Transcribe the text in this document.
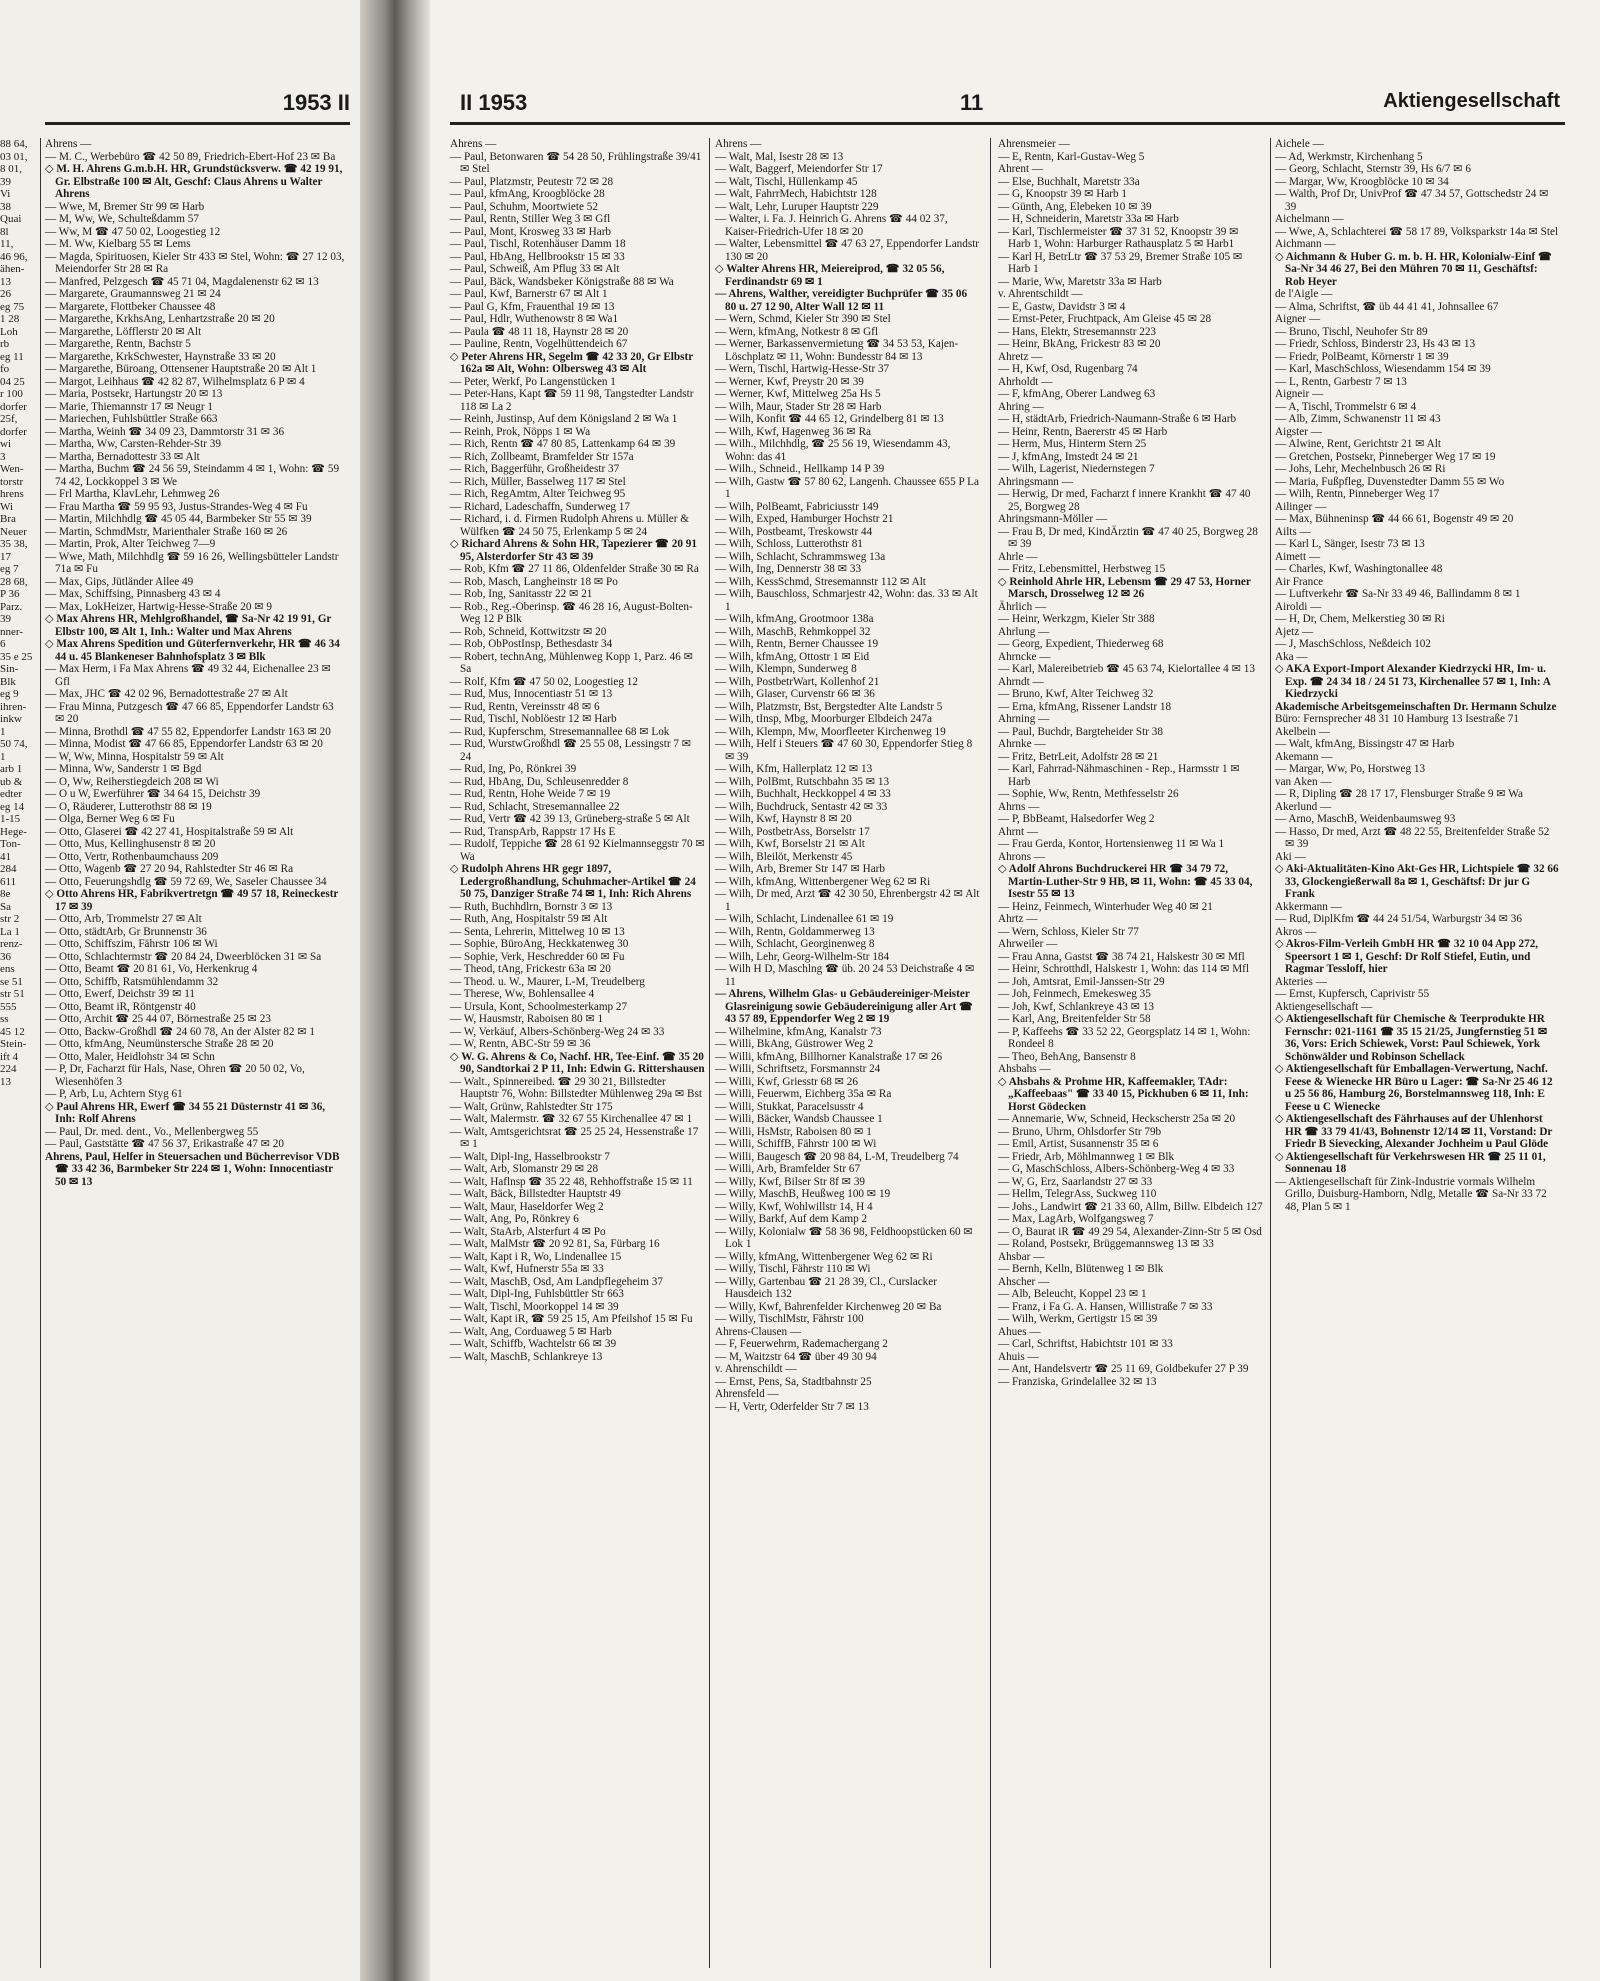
1953 II

88 64,

03 01,

8 01,

39

Vi

38

Quai

8l

11,

46 96,

ähen-

13

26

eg 75

1 28

Loh

rb

eg 11

fo

04 25

r 100

dorfer

25f,

dorfer

wi

3

Wen-

torstr

hrens

Wi

Bra

Neuer

35 38,

17

eg 7

28 68,

P 36

Parz.

39

nner-

6

35 e 25

Sin-

Blk

eg 9

ihren-

inkw

1

50 74,

1

arb 1

ub &

edter

eg 14

1-15

Hege-

Ton-

41

284

611

8e

Sa

str 2

La 1

renz-

36

ens

se 51

str 51

555

ss

45 12

Stein-

ift 4

224

13

Ahrens —

— M. C., Werbebüro ☎ 42 50 89, Friedrich-Ebert-Hof 23 ✉ Ba

◇ M. H. Ahrens G.m.b.H. HR, Grundstücksverw. ☎ 42 19 91, Gr. Elbstraße 100 ✉ Alt, Geschf: Claus Ahrens u Walter Ahrens

— Wwe, M, Bremer Str 99 ✉ Harb

— M, Ww, We, Schulteßdamm 57

— Ww, M ☎ 47 50 02, Loogestieg 12

— M. Ww, Kielbarg 55 ✉ Lems

— Magda, Spirituosen, Kieler Str 433 ✉ Stel, Wohn: ☎ 27 12 03, Meiendorfer Str 28 ✉ Ra

— Manfred, Pelzgesch ☎ 45 71 04, Magdalenenstr 62 ✉ 13

— Margarete, Graumannsweg 21 ✉ 24

— Margarete, Flottbeker Chaussee 48

— Margarethe, KrkhsAng, Lenhartzstraße 20 ✉ 20

— Margarethe, Löfflerstr 20 ✉ Alt

— Margarethe, Rentn, Bachstr 5

— Margarethe, KrkSchwester, Haynstraße 33 ✉ 20

— Margarethe, Büroang, Ottensener Hauptstraße 20 ✉ Alt 1

— Margot, Leihhaus ☎ 42 82 87, Wilhelmsplatz 6 P ✉ 4

— Maria, Postsekr, Hartungstr 20 ✉ 13

— Marie, Thiemannstr 17 ✉ Neugr 1

— Mariechen, Fuhlsbüttler Straße 663

— Martha, Weinh ☎ 34 09 23, Dammtorstr 31 ✉ 36

— Martha, Ww, Carsten-Rehder-Str 39

— Martha, Bernadottestr 33 ✉ Alt

— Martha, Buchm ☎ 24 56 59, Steindamm 4 ✉ 1, Wohn: ☎ 59 74 42, Lockkoppel 3 ✉ We

— Frl Martha, KlavLehr, Lehmweg 26

— Frau Martha ☎ 59 95 93, Justus-Strandes-Weg 4 ✉ Fu

— Martin, Milchhdlg ☎ 45 05 44, Barmbeker Str 55 ✉ 39

— Martin, SchmdMstr, Marienthaler Straße 160 ✉ 26

— Martin, Prok, Alter Teichweg 7—9

— Wwe, Math, Milchhdlg ☎ 59 16 26, Wellingsbütteler Landstr 71a ✉ Fu

— Max, Gips, Jütländer Allee 49

— Max, Schiffsing, Pinnasberg 43 ✉ 4

— Max, LokHeizer, Hartwig-Hesse-Straße 20 ✉ 9

◇ Max Ahrens HR, Mehlgroßhandel, ☎ Sa-Nr 42 19 91, Gr Elbstr 100, ✉ Alt 1, Inh.: Walter und Max Ahrens

◇ Max Ahrens Spedition und Güterfernverkehr, HR ☎ 46 34 44 u. 45 Blankeneser Bahnhofsplatz 3 ✉ Blk

— Max Herm, i Fa Max Ahrens ☎ 49 32 44, Eichenallee 23 ✉ Gfl

— Max, JHC ☎ 42 02 96, Bernadottestraße 27 ✉ Alt

— Frau Minna, Putzgesch ☎ 47 66 85, Eppendorfer Landstr 63 ✉ 20

— Minna, Brothdl ☎ 47 55 82, Eppendorfer Landstr 163 ✉ 20

— Minna, Modist ☎ 47 66 85, Eppendorfer Landstr 63 ✉ 20

— W, Ww, Minna, Hospitalstr 59 ✉ Alt

— Minna, Ww, Sanderstr 1 ✉ Bgd

— O, Ww, Reiherstiegdeich 208 ✉ Wi

— O u W, Ewerführer ☎ 34 64 15, Deichstr 39

— O, Räuderer, Lutterothstr 88 ✉ 19

— Olga, Berner Weg 6 ✉ Fu

— Otto, Glaserei ☎ 42 27 41, Hospitalstraße 59 ✉ Alt

— Otto, Mus, Kellinghusenstr 8 ✉ 20

— Otto, Vertr, Rothenbaumchauss 209

— Otto, Wagenb ☎ 27 20 94, Rahlstedter Str 46 ✉ Ra

— Otto, Feuerungshdlg ☎ 59 72 69, We, Saseler Chaussee 34

◇ Otto Ahrens HR, Fabrikvertretgn ☎ 49 57 18, Reineckestr 17 ✉ 39

— Otto, Arb, Trommelstr 27 ✉ Alt

— Otto, städtArb, Gr Brunnenstr 36

— Otto, Schiffszim, Fährstr 106 ✉ Wi

— Otto, Schlachtermstr ☎ 20 84 24, Dweerblöcken 31 ✉ Sa

— Otto, Beamt ☎ 20 81 61, Vo, Herkenkrug 4

— Otto, Schiffb, Ratsmühlendamm 32

— Otto, Ewerf, Deichstr 39 ✉ 11

— Otto, Beamt iR, Röntgenstr 40

— Otto, Archit ☎ 25 44 07, Börnestraße 25 ✉ 23

— Otto, Backw-Großhdl ☎ 24 60 78, An der Alster 82 ✉ 1

— Otto, kfmAng, Neumünstersche Straße 28 ✉ 20

— Otto, Maler, Heidlohstr 34 ✉ Schn

— P, Dr, Facharzt für Hals, Nase, Ohren ☎ 20 50 02, Vo, Wiesenhöfen 3

— P, Arb, Lu, Achtern Styg 61

◇ Paul Ahrens HR, Ewerf ☎ 34 55 21 Düsternstr 41 ✉ 36, Inh: Rolf Ahrens

— Paul, Dr. med. dent., Vo., Mellenbergweg 55

— Paul, Gaststätte ☎ 47 56 37, Erikastraße 47 ✉ 20

Ahrens, Paul, Helfer in Steuersachen und Bücherrevisor VDB ☎ 33 42 36, Barmbeker Str 224 ✉ 1, Wohn: Innocentiastr 50 ✉ 13

II 1953	11	Aktiengesellschaft

Ahrens —

— Paul, Betonwaren ☎ 54 28 50, Frühlingstraße 39/41 ✉ Stel

— Paul, Platzmstr, Peutestr 72 ✉ 28

— Paul, kfmAng, Kroogblöcke 28

— Paul, Schuhm, Moortwiete 52

— Paul, Rentn, Stiller Weg 3 ✉ Gfl

— Paul, Mont, Krosweg 33 ✉ Harb

— Paul, Tischl, Rotenhäuser Damm 18

— Paul, HbAng, Hellbrookstr 15 ✉ 33

— Paul, Schweiß, Am Pflug 33 ✉ Alt

— Paul, Bäck, Wandsbeker Königstraße 88 ✉ Wa

— Paul, Kwf, Barnerstr 67 ✉ Alt 1

— Paul G, Kfm, Frauenthal 19 ✉ 13

— Paul, Hdlr, Wuthenowstr 8 ✉ Wa1

— Paula ☎ 48 11 18, Haynstr 28 ✉ 20

— Pauline, Rentn, Vogelhüttendeich 67

◇ Peter Ahrens HR, Segelm ☎ 42 33 20, Gr Elbstr 162a ✉ Alt, Wohn: Olbersweg 43 ✉ Alt

— Peter, Werkf, Po Langenstücken 1

— Peter-Hans, Kapt ☎ 59 11 98, Tangstedter Landstr 118 ✉ La 2

— Reinh, Justinsp, Auf dem Königsland 2 ✉ Wa 1

— Reinh, Prok, Nöpps 1 ✉ Wa

— Rich, Rentn ☎ 47 80 85, Lattenkamp 64 ✉ 39

— Rich, Zollbeamt, Bramfelder Str 157a

— Rich, Baggerführ, Großheidestr 37

— Rich, Müller, Basselweg 117 ✉ Stel

— Rich, RegAmtm, Alter Teichweg 95

— Richard, Ladeschaffn, Sunderweg 17

— Richard, i. d. Firmen Rudolph Ahrens u. Müller & Wülfken ☎ 24 50 75, Erlenkamp 5 ✉ 24

◇ Richard Ahrens & Sohn HR, Tapezierer ☎ 20 91 95, Alsterdorfer Str 43 ✉ 39

— Rob, Kfm ☎ 27 11 86, Oldenfelder Straße 30 ✉ Ra

— Rob, Masch, Langheinstr 18 ✉ Po

— Rob, Ing, Sanitasstr 22 ✉ 21

— Rob., Reg.-Oberinsp. ☎ 46 28 16, August-Bolten-Weg 12 P Blk

— Rob, Schneid, Kottwitzstr ✉ 20

— Rob, ObPostInsp, Bethesdastr 34

— Robert, technAng, Mühlenweg Kopp 1, Parz. 46 ✉ Sa

— Rolf, Kfm ☎ 47 50 02, Loogestieg 12

— Rud, Mus, Innocentiastr 51 ✉ 13

— Rud, Rentn, Vereinsstr 48 ✉ 6

— Rud, Tischl, Noblöestr 12 ✉ Harb

— Rud, Kupferschm, Stresemannallee 68 ✉ Lok

— Rud, WurstwGroßhdl ☎ 25 55 08, Lessingstr 7 ✉ 24

— Rud, Ing, Po, Rönkrei 39

— Rud, HbAng, Du, Schleusenredder 8

— Rud, Rentn, Hohe Weide 7 ✉ 19

— Rud, Schlacht, Stresemannallee 22

— Rud, Vertr ☎ 42 39 13, Grüneberg-straße 5 ✉ Alt

— Rud, TranspArb, Rappstr 17 Hs E

— Rudolf, Teppiche ☎ 28 61 92 Kielmannseggstr 70 ✉ Wa

◇ Rudolph Ahrens HR gegr 1897, Ledergroßhandlung, Schuhmacher-Artikel ☎ 24 50 75, Danziger Straße 74 ✉ 1, Inh: Rich Ahrens

— Ruth, Buchhdlrn, Bornstr 3 ✉ 13

— Ruth, Ang, Hospitalstr 59 ✉ Alt

— Senta, Lehrerin, Mittelweg 10 ✉ 13

— Sophie, BüroAng, Heckkatenweg 30

— Sophie, Verk, Heschredder 60 ✉ Fu

— Theod, tAng, Frickestr 63a ✉ 20

— Theod. u. W., Maurer, L-M, Treudelberg

— Therese, Ww, Bohlensallee 4

— Ursula, Kont, Schoolmesterkamp 27

— W, Hausmstr, Raboisen 80 ✉ 1

— W, Verkäuf, Albers-Schönberg-Weg 24 ✉ 33

— W, Rentn, ABC-Str 59 ✉ 36

◇ W. G. Ahrens & Co, Nachf. HR, Tee-Einf. ☎ 35 20 90, Sandtorkai 2 P 11, Inh: Edwin G. Rittershausen

— Walt., Spinnereibed. ☎ 29 30 21, Billstedter Hauptstr 76, Wohn: Billstedter Mühlenweg 29a ✉ Bst

— Walt, Grünw, Rahlstedter Str 175

— Walt, Malermstr. ☎ 32 67 55 Kirchenallee 47 ✉ 1

— Walt, Amtsgerichtsrat ☎ 25 25 24, Hessenstraße 17 ✉ 1

— Walt, Dipl-Ing, Hasselbrookstr 7

— Walt, Arb, Slomanstr 29 ✉ 28

— Walt, Haflnsp ☎ 35 22 48, Rehhoffstraße 15 ✉ 11

— Walt, Bäck, Billstedter Hauptstr 49

— Walt, Maur, Haseldorfer Weg 2

— Walt, Ang, Po, Rönkrey 6

— Walt, StaArb, Alsterfurt 4 ✉ Po

— Walt, MalMstr ☎ 20 92 81, Sa, Fürbarg 16

— Walt, Kapt i R, Wo, Lindenallee 15

— Walt, Kwf, Hufnerstr 55a ✉ 33

— Walt, MaschB, Osd, Am Landpflegeheim 37

— Walt, Dipl-Ing, Fuhlsbüttler Str 663

— Walt, Tischl, Moorkoppel 14 ✉ 39

— Walt, Kapt iR, ☎ 59 25 15, Am Pfeilshof 15 ✉ Fu

— Walt, Ang, Corduaweg 5 ✉ Harb

— Walt, Schiffb, Wachtelstr 66 ✉ 39

— Walt, MaschB, Schlankreye 13

Ahrens —

— Walt, Mal, Isestr 28 ✉ 13

— Walt, Baggerf, Meiendorfer Str 17

— Walt, Tischl, Hüllenkamp 45

— Walt, FahrrMech, Habichtstr 128

— Walt, Lehr, Luruper Hauptstr 229

— Walter, i. Fa. J. Heinrich G. Ahrens ☎ 44 02 37, Kaiser-Friedrich-Ufer 18 ✉ 20

— Walter, Lebensmittel ☎ 47 63 27, Eppendorfer Landstr 130 ✉ 20

◇ Walter Ahrens HR, Meiereiprod, ☎ 32 05 56, Ferdinandstr 69 ✉ 1

— Ahrens, Walther, vereidigter Buchprüfer ☎ 35 06 80 u. 27 12 90, Alter Wall 12 ✉ 11

— Wern, Schmd, Kieler Str 390 ✉ Stel

— Wern, kfmAng, Notkestr 8 ✉ Gfl

— Werner, Barkassenvermietung ☎ 34 53 53, Kajen-Löschplatz ✉ 11, Wohn: Bundesstr 84 ✉ 13

— Wern, Tischl, Hartwig-Hesse-Str 37

— Werner, Kwf, Preystr 20 ✉ 39

— Werner, Kwf, Mittelweg 25a Hs 5

— Wilh, Maur, Stader Str 28 ✉ Harb

— Wilh, Konfit ☎ 44 65 12, Grindelberg 81 ✉ 13

— Wilh, Kwf, Hagenweg 36 ✉ Ra

— Wilh., Milchhdlg, ☎ 25 56 19, Wiesendamm 43, Wohn: das 41

— Wilh., Schneid., Hellkamp 14 P 39

— Wilh, Gastw ☎ 57 80 62, Langenh. Chaussee 655 P La 1

— Wilh, PolBeamt, Fabriciusstr 149

— Wilh, Exped, Hamburger Hochstr 21

— Wilh, Postbeamt, Treskowstr 44

— Wilh, Schloss, Lutterothstr 81

— Wilh, Schlacht, Schrammsweg 13a

— Wilh, Ing, Dennerstr 38 ✉ 33

— Wilh, KessSchmd, Stresemannstr 112 ✉ Alt

— Wilh, Bauschloss, Schmarjestr 42, Wohn: das. 33 ✉ Alt 1

— Wilh, kfmAng, Grootmoor 138a

— Wilh, MaschB, Rehmkoppel 32

— Wilh, Rentn, Berner Chaussee 19

— Wilh, kfmAng, Ottostr 1 ✉ Eid

— Wilh, Klempn, Sunderweg 8

— Wilh, PostbetrWart, Kollenhof 21

— Wilh, Glaser, Curvenstr 66 ✉ 36

— Wilh, Platzmstr, Bst, Bergstedter Alte Landstr 5

— Wilh, tInsp, Mbg, Moorburger Elbdeich 247a

— Wilh, Klempn, Mw, Moorfleeter Kirchenweg 19

— Wilh, Helf i Steuers ☎ 47 60 30, Eppendorfer Stieg 8 ✉ 39

— Wilh, Kfm, Hallerplatz 12 ✉ 13

— Wilh, PolBmt, Rutschbahn 35 ✉ 13

— Wilh, Buchhalt, Heckkoppel 4 ✉ 33

— Wilh, Buchdruck, Sentastr 42 ✉ 33

— Wilh, Kwf, Haynstr 8 ✉ 20

— Wilh, PostbetrAss, Borselstr 17

— Wilh, Kwf, Borselstr 21 ✉ Alt

— Wilh, Bleilöt, Merkenstr 45

— Wilh, Arb, Bremer Str 147 ✉ Harb

— Wilh, kfmAng, Wittenbergener Weg 62 ✉ Ri

— Wilh, Dr med, Arzt ☎ 42 30 50, Ehrenbergstr 42 ✉ Alt 1

— Wilh, Schlacht, Lindenallee 61 ✉ 19

— Wilh, Rentn, Goldammerweg 13

— Wilh, Schlacht, Georginenweg 8

— Wilh, Lehr, Georg-Wilhelm-Str 184

— Wilh H D, Maschlng ☎ üb. 20 24 53 Deichstraße 4 ✉ 11

— Ahrens, Wilhelm Glas- u Gebäudereiniger-Meister Glasreinigung sowie Gebäudereinigung aller Art ☎ 43 57 89, Eppendorfer Weg 2 ✉ 19

— Wilhelmine, kfmAng, Kanalstr 73

— Willi, BkAng, Güstrower Weg 2

— Willi, kfmAng, Billhorner Kanalstraße 17 ✉ 26

— Willi, Schriftsetz, Forsmannstr 24

— Willi, Kwf, Griesstr 68 ✉ 26

— Willi, Feuerwm, Eichberg 35a ✉ Ra

— Willi, Stukkat, Paracelsusstr 4

— Willi, Bäcker, Wandsb Chaussee 1

— Willi, HsMstr, Raboisen 80 ✉ 1

— Willi, SchiffB, Fährstr 100 ✉ Wi

— Willi, Baugesch ☎ 20 98 84, L-M, Treudelberg 74

— Willi, Arb, Bramfelder Str 67

— Willy, Kwf, Bilser Str 8f ✉ 39

— Willy, MaschB, Heußweg 100 ✉ 19

— Willy, Kwf, Wohlwillstr 14, H 4

— Willy, Barkf, Auf dem Kamp 2

— Willy, Kolonialw ☎ 58 36 98, Feldhoopstücken 60 ✉ Lok 1

— Willy, kfmAng, Wittenbergener Weg 62 ✉ Ri

— Willy, Tischl, Fährstr 110 ✉ Wi

— Willy, Gartenbau ☎ 21 28 39, Cl., Curslacker Hausdeich 132

— Willy, Kwf, Bahrenfelder Kirchenweg 20 ✉ Ba

— Willy, TischlMstr, Fährstr 100

Ahrens-Clausen —

— F, Feuerwehrm, Rademachergang 2

— M, Waitzstr 64 ☎ über 49 30 94

v. Ahrenschildt —

— Ernst, Pens, Sa, Stadtbahnstr 25

Ahrensfeld —

— H, Vertr, Oderfelder Str 7 ✉ 13

Ahrensmeier —

— E, Rentn, Karl-Gustav-Weg 5

Ahrent —

— Else, Buchhalt, Maretstr 33a

— G, Knoopstr 39 ✉ Harb 1

— Günth, Ang, Elebeken 10 ✉ 39

— H, Schneiderin, Maretstr 33a ✉ Harb

— Karl, Tischlermeister ☎ 37 31 52, Knoopstr 39 ✉ Harb 1, Wohn: Harburger Rathausplatz 5 ✉ Harb1

— Karl H, BetrLtr ☎ 37 53 29, Bremer Straße 105 ✉ Harb 1

— Marie, Ww, Maretstr 33a ✉ Harb

v. Ahrentschildt —

— E, Gastw, Davidstr 3 ✉ 4

— Ernst-Peter, Fruchtpack, Am Gleise 45 ✉ 28

— Hans, Elektr, Stresemannstr 223

— Heinr, BkAng, Frickestr 83 ✉ 20

Ahretz —

— H, Kwf, Osd, Rugenbarg 74

Ahrholdt —

— F, kfmAng, Oberer Landweg 63

Ahring —

— H, städtArb, Friedrich-Naumann-Straße 6 ✉ Harb

— Heinr, Rentn, Baererstr 45 ✉ Harb

— Herm, Mus, Hinterm Stern 25

— J, kfmAng, Imstedt 24 ✉ 21

— Wilh, Lagerist, Niedernstegen 7

Ahringsmann —

— Herwig, Dr med, Facharzt f innere Krankht ☎ 47 40 25, Borgweg 28

Ahringsmann-Möller —

— Frau B, Dr med, KindÄrztin ☎ 47 40 25, Borgweg 28 ✉ 39

Ahrle —

— Fritz, Lebensmittel, Herbstweg 15

◇ Reinhold Ahrle HR, Lebensm ☎ 29 47 53, Horner Marsch, Drosselweg 12 ✉ 26

Ährlich —

— Heinr, Werkzgm, Kieler Str 388

Ahrlung —

— Georg, Expedient, Thiederweg 68

Ahrncke —

— Karl, Malereibetrieb ☎ 45 63 74, Kielortallee 4 ✉ 13

Ahrndt —

— Bruno, Kwf, Alter Teichweg 32

— Erna, kfmAng, Rissener Landstr 18

Ahrning —

— Paul, Buchdr, Bargteheider Str 38

Ahrnke —

— Fritz, BetrLeit, Adolfstr 28 ✉ 21

— Karl, Fahrrad-Nähmaschinen - Rep., Harmsstr 1 ✉ Harb

— Sophie, Ww, Rentn, Methfesselstr 26

Ahrns —

— P, BbBeamt, Halsedorfer Weg 2

Ahrnt —

— Frau Gerda, Kontor, Hortensienweg 11 ✉ Wa 1

Ahrons —

◇ Adolf Ahrons Buchdruckerei HR ☎ 34 79 72, Martin-Luther-Str 9 HB, ✉ 11, Wohn: ☎ 45 33 04, Isestr 55 ✉ 13

— Heinz, Feinmech, Winterhuder Weg 40 ✉ 21

Ahrtz —

— Wern, Schloss, Kieler Str 77

Ahrweiler —

— Frau Anna, Gastst ☎ 38 74 21, Halskestr 30 ✉ Mfl

— Heinr, Schrotthdl, Halskestr 1, Wohn: das 114 ✉ Mfl

— Joh, Amtsrat, Emil-Janssen-Str 29

— Joh, Feinmech, Emekesweg 35

— Joh, Kwf, Schlankreye 43 ✉ 13

— Karl, Ang, Breitenfelder Str 58

— P, Kaffeehs ☎ 33 52 22, Georgsplatz 14 ✉ 1, Wohn: Rondeel 8

— Theo, BehAng, Bansenstr 8

Ahsbahs —

◇ Ahsbahs & Prohme HR, Kaffeemakler, TAdr: „Kaffeebaas" ☎ 33 40 15, Pickhuben 6 ✉ 11, Inh: Horst Gödecken

— Annemarie, Ww, Schneid, Heckscherstr 25a ✉ 20

— Bruno, Uhrm, Ohlsdorfer Str 79b

— Emil, Artist, Susannenstr 35 ✉ 6

— Friedr, Arb, Möhlmannweg 1 ✉ Blk

— G, MaschSchloss, Albers-Schönberg-Weg 4 ✉ 33

— W, G, Erz, Saarlandstr 27 ✉ 33

— Hellm, TelegrAss, Suckweg 110

— Johs., Landwirt ☎ 21 33 60, Allm, Billw. Elbdeich 127

— Max, LagArb, Wolfgangsweg 7

— O, Baurat iR ☎ 49 29 54, Alexander-Zinn-Str 5 ✉ Osd

— Roland, Postsekr, Brüggemannsweg 13 ✉ 33

Ahsbar —

— Bernh, Kelln, Blütenweg 1 ✉ Blk

Ahscher —

— Alb, Beleucht, Koppel 23 ✉ 1

— Franz, i Fa G. A. Hansen, Willistraße 7 ✉ 33

— Wilh, Werkm, Gertigstr 15 ✉ 39

Ahues —

— Carl, Schriftst, Habichtstr 101 ✉ 33

Ahuis —

— Ant, Handelsvertr ☎ 25 11 69, Goldbekufer 27 P 39

— Franziska, Grindelallee 32 ✉ 13

Aichele —

— Ad, Werkmstr, Kirchenhang 5

— Georg, Schlacht, Sternstr 39, Hs 6/7 ✉ 6

— Margar, Ww, Kroogblöcke 10 ✉ 34

— Walth, Prof Dr, UnivProf ☎ 47 34 57, Gottschedstr 24 ✉ 39

Aichelmann —

— Wwe, A, Schlachterei ☎ 58 17 89, Volksparkstr 14a ✉ Stel

Aichmann —

◇ Aichmann & Huber G. m. b. H. HR, Kolonialw-Einf ☎ Sa-Nr 34 46 27, Bei den Mühren 70 ✉ 11, Geschäftsf: Rob Heyer

de l'Aigle —

— Alma, Schriftst, ☎ üb 44 41 41, Johnsallee 67

Aigner —

— Bruno, Tischl, Neuhofer Str 89

— Friedr, Schloss, Binderstr 23, Hs 43 ✉ 13

— Friedr, PolBeamt, Körnerstr 1 ✉ 39

— Karl, MaschSchloss, Wiesendamm 154 ✉ 39

— L, Rentn, Garbestr 7 ✉ 13

Aigneir —

— A, Tischl, Trommelstr 6 ✉ 4

— Alb, Zimm, Schwanenstr 11 ✉ 43

Aigster —

— Alwine, Rent, Gerichtstr 21 ✉ Alt

— Gretchen, Postsekr, Pinneberger Weg 17 ✉ 19

— Johs, Lehr, Mechelnbusch 26 ✉ Ri

— Maria, Fußpfleg, Duvenstedter Damm 55 ✉ Wo

— Wilh, Rentn, Pinneberger Weg 17

Ailinger —

— Max, Bühneninsp ☎ 44 66 61, Bogenstr 49 ✉ 20

Ailts —

— Karl L, Sänger, Isestr 73 ✉ 13

Aimett —

— Charles, Kwf, Washingtonallee 48

Air France

— Luftverkehr ☎ Sa-Nr 33 49 46, Ballindamm 8 ✉ 1

Airoldi —

— H, Dr, Chem, Melkerstieg 30 ✉ Ri

Ajetz —

— J, MaschSchloss, Neßdeich 102

Aka —

◇ AKA Export-Import Alexander Kiedrzycki HR, Im- u. Exp. ☎ 24 34 18 / 24 51 73, Kirchenallee 57 ✉ 1, Inh: A Kiedrzycki

Akademische Arbeitsgemeinschaften Dr. Hermann Schulze

Büro: Fernsprecher 48 31 10 Hamburg 13 Isestraße 71

Akelbein —

— Walt, kfmAng, Bissingstr 47 ✉ Harb

Akemann —

— Margar, Ww, Po, Horstweg 13

van Aken —

— R, Dipling ☎ 28 17 17, Flensburger Straße 9 ✉ Wa

Akerlund —

— Arno, MaschB, Weidenbaumsweg 93

— Hasso, Dr med, Arzt ☎ 48 22 55, Breitenfelder Straße 52 ✉ 39

Aki —

◇ Aki-Aktualitäten-Kino Akt-Ges HR, Lichtspiele ☎ 32 66 33, Glockengießerwall 8a ✉ 1, Geschäftsf: Dr jur G Frank

Akkermann —

— Rud, DiplKfm ☎ 44 24 51/54, Warburgstr 34 ✉ 36

Akros —

◇ Akros-Film-Verleih GmbH HR ☎ 32 10 04 App 272, Speersort 1 ✉ 1, Geschf: Dr Rolf Stiefel, Eutin, und Ragmar Tessloff, hier

Akteries —

— Ernst, Kupfersch, Caprivistr 55

Aktiengesellschaft —

◇ Aktiengesellschaft für Chemische & Teerprodukte HR Fernschr: 021-1161 ☎ 35 15 21/25, Jungfernstieg 51 ✉ 36, Vors: Erich Schiewek, Vorst: Paul Schiewek, York Schönwälder und Robinson Schellack

◇ Aktiengesellschaft für Emballagen-Verwertung, Nachf. Feese & Wienecke HR Büro u Lager: ☎ Sa-Nr 25 46 12 u 25 56 86, Hamburg 26, Borstelmannsweg 118, Inh: E Feese u C Wienecke

◇ Aktiengesellschaft des Fährhauses auf der Uhlenhorst HR ☎ 33 79 41/43, Bohnenstr 12/14 ✉ 11, Vorstand: Dr Friedr B Sievecking, Alexander Jochheim u Paul Glöde

◇ Aktiengesellschaft für Verkehrswesen HR ☎ 25 11 01, Sonnenau 18

— Aktiengesellschaft für Zink-Industrie vormals Wilhelm Grillo, Duisburg-Hamborn, Ndlg, Metalle ☎ Sa-Nr 33 72 48, Plan 5 ✉ 1
